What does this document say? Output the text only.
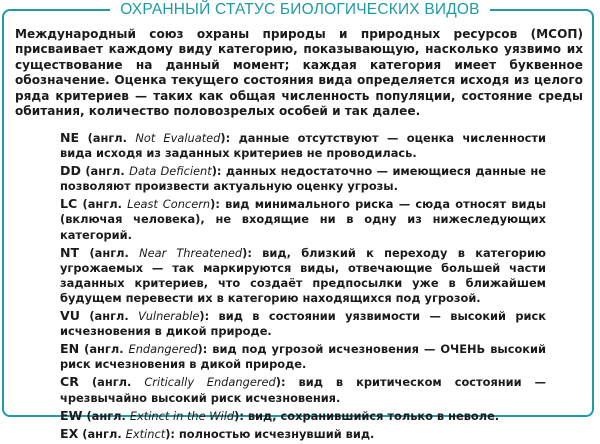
ОХРАННЫЙ СТАТУС БИОЛОГИЧЕСКИХ ВИДОВ

Международный союз охраны природы и природных ресурсов (МСОП) присваивает каждому виду категорию, показывающую, насколько уязвимо их существование на данный момент; каждая категория имеет буквенное обозначение. Оценка текущего состояния вида определяется исходя из целого ряда критериев — таких как общая численность популяции, состояние среды обитания, количество половозрелых особей и так далее.

NE (англ. Not Evaluated): данные отсутствуют — оценка численности вида исходя из заданных критериев не проводилась.
DD (англ. Data Deficient): данных недостаточно — имеющиеся данные не позволяют произвести актуальную оценку угрозы.
LC (англ. Least Concern): вид минимального риска — сюда относят виды (включая человека), не входящие ни в одну из нижеследующих категорий.
NT (англ. Near Threatened): вид, близкий к переходу в категорию угрожаемых — так маркируются виды, отвечающие большей части заданных критериев, что создаёт предпосылки уже в ближайшем будущем перевести их в категорию находящихся под угрозой.
VU (англ. Vulnerable): вид в состоянии уязвимости — высокий риск исчезновения в дикой природе.
EN (англ. Endangered): вид под угрозой исчезновения — ОЧЕНЬ высокий риск исчезновения в дикой природе.
CR (англ. Critically Endangered): вид в критическом состоянии — чрезвычайно высокий риск исчезновения.
EW (англ. Extinct in the Wild): вид, сохранившийся только в неволе.
EX (англ. Extinct): полностью исчезнувший вид.
